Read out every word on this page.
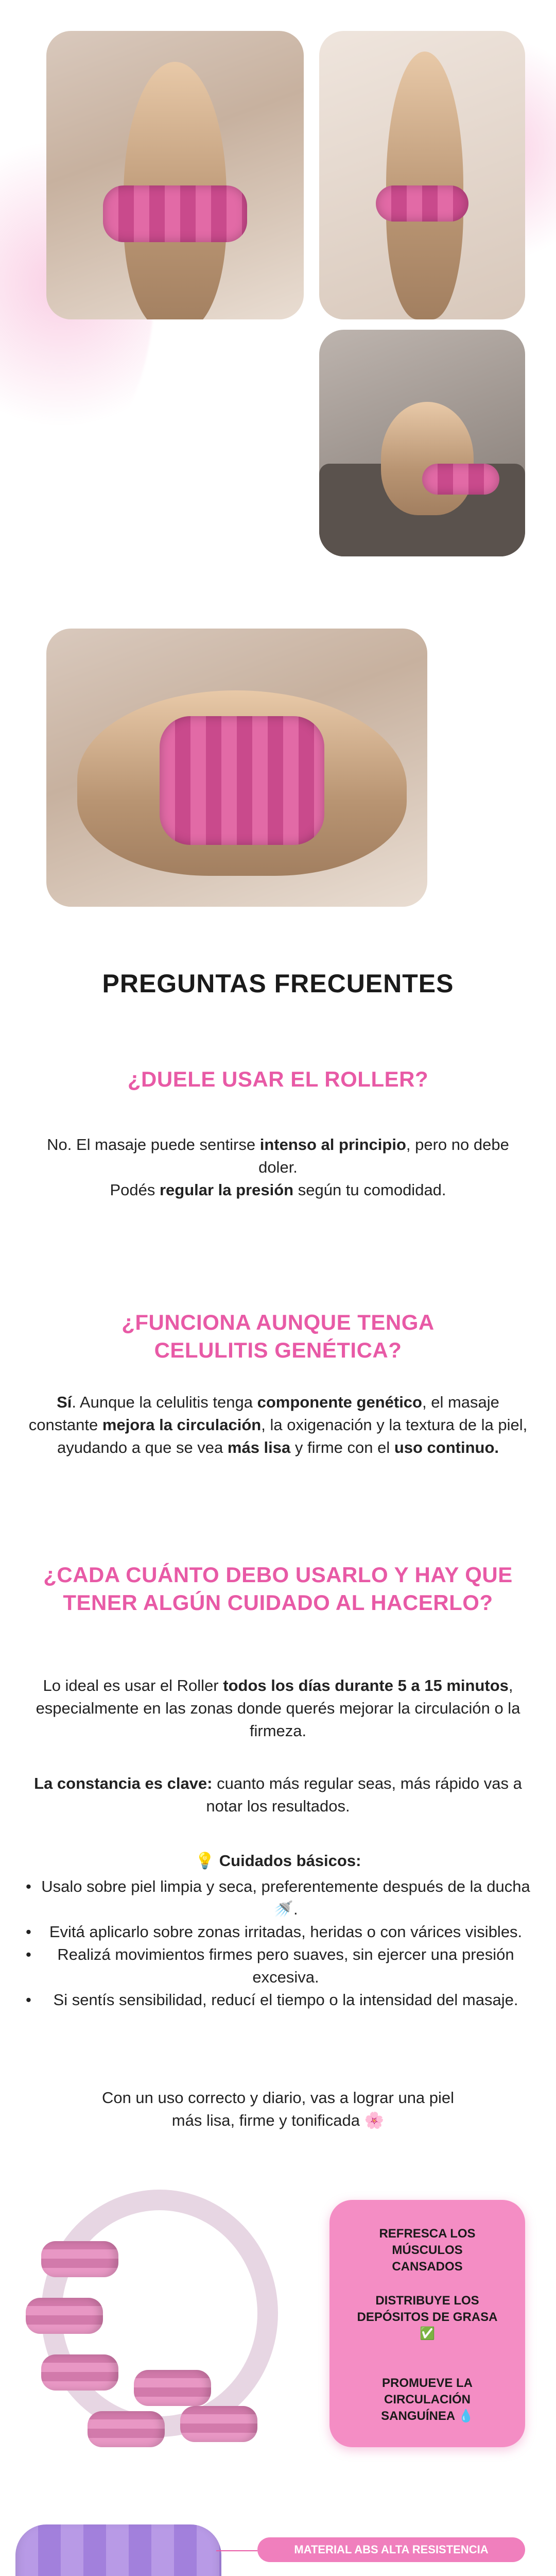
PREGUNTAS FRECUENTES
¿DUELE USAR EL ROLLER?

No. El masaje puede sentirse intenso al principio, pero no debe doler.
Podés regular la presión según tu comodidad.

¿FUNCIONA AUNQUE TENGA CELULITIS GENÉTICA?

Sí. Aunque la celulitis tenga componente genético, el masaje constante mejora la circulación, la oxigenación y la textura de la piel, ayudando a que se vea más lisa y firme con el uso continuo.

¿CADA CUÁNTO DEBO USARLO Y HAY QUE TENER ALGÚN CUIDADO AL HACERLO?

Lo ideal es usar el Roller todos los días durante 5 a 15 minutos, especialmente en las zonas donde querés mejorar la circulación o la firmeza.

La constancia es clave: cuanto más regular seas, más rápido vas a notar los resultados.

💡 Cuidados básicos:

• Usalo sobre piel limpia y seca, preferentemente después de la ducha 🚿.
• Evitá aplicarlo sobre zonas irritadas, heridas o con várices visibles.
• Realizá movimientos firmes pero suaves, sin ejercer una presión excesiva.
• Si sentís sensibilidad, reducí el tiempo o la intensidad del masaje.

Con un uso correcto y diario, vas a lograr una piel más lisa, firme y tonificada 🌸

REFRESCA LOS MÚSCULOS CANSADOS
DISTRIBUYE LOS DEPÓSITOS DE GRASA ✅
PROMUEVE LA CIRCULACIÓN SANGUÍNEA 💧
MATERIAL ABS ALTA RESISTENCIA
